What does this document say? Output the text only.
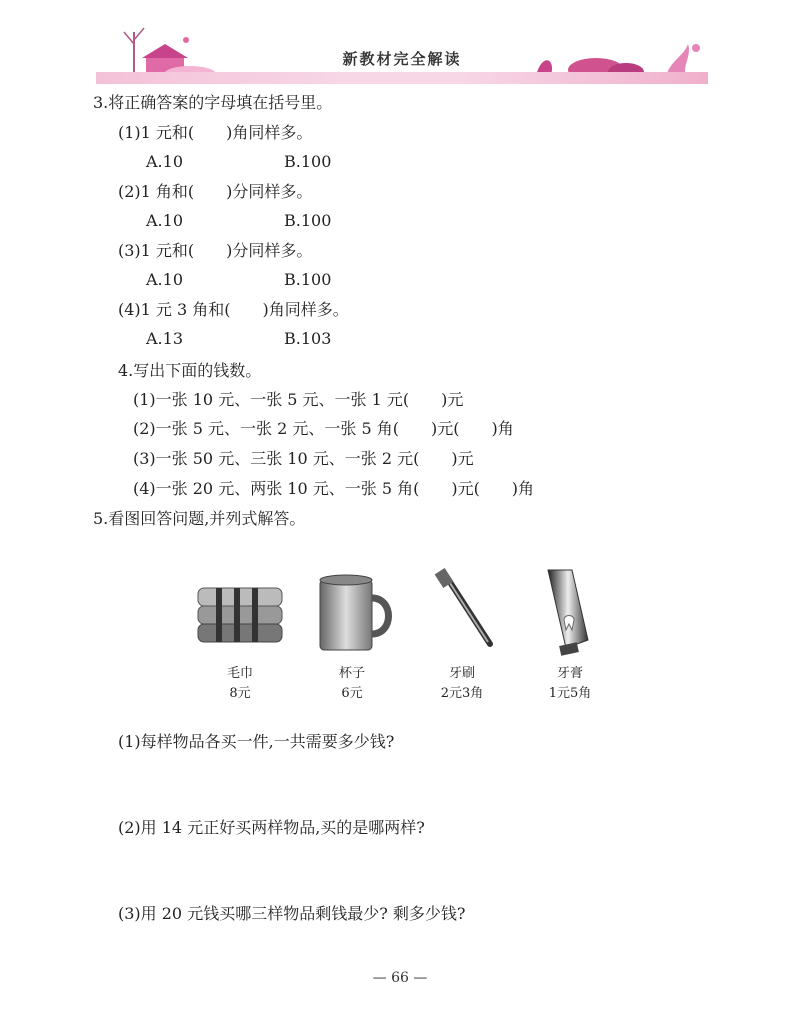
新教材完全解读
3.将正确答案的字母填在括号里。
(1)1 元和(　　)角同样多。
A.10	B.100
(2)1 角和(　　)分同样多。
A.10	B.100
(3)1 元和(　　)分同样多。
A.10	B.100
(4)1 元 3 角和(　　)角同样多。
A.13	B.103
4.写出下面的钱数。
(1)一张 10 元、一张 5 元、一张 1 元(　　)元
(2)一张 5 元、一张 2 元、一张 5 角(　　)元(　　)角
(3)一张 50 元、三张 10 元、一张 2 元(　　)元
(4)一张 20 元、两张 10 元、一张 5 角(　　)元(　　)角
5.看图回答问题,并列式解答。
毛巾
8元
杯子
6元
牙刷
2元3角
牙膏
1元5角
(1)每样物品各买一件,一共需要多少钱?
(2)用 14 元正好买两样物品,买的是哪两样?
(3)用 20 元钱买哪三样物品剩钱最少? 剩多少钱?
— 66 —
